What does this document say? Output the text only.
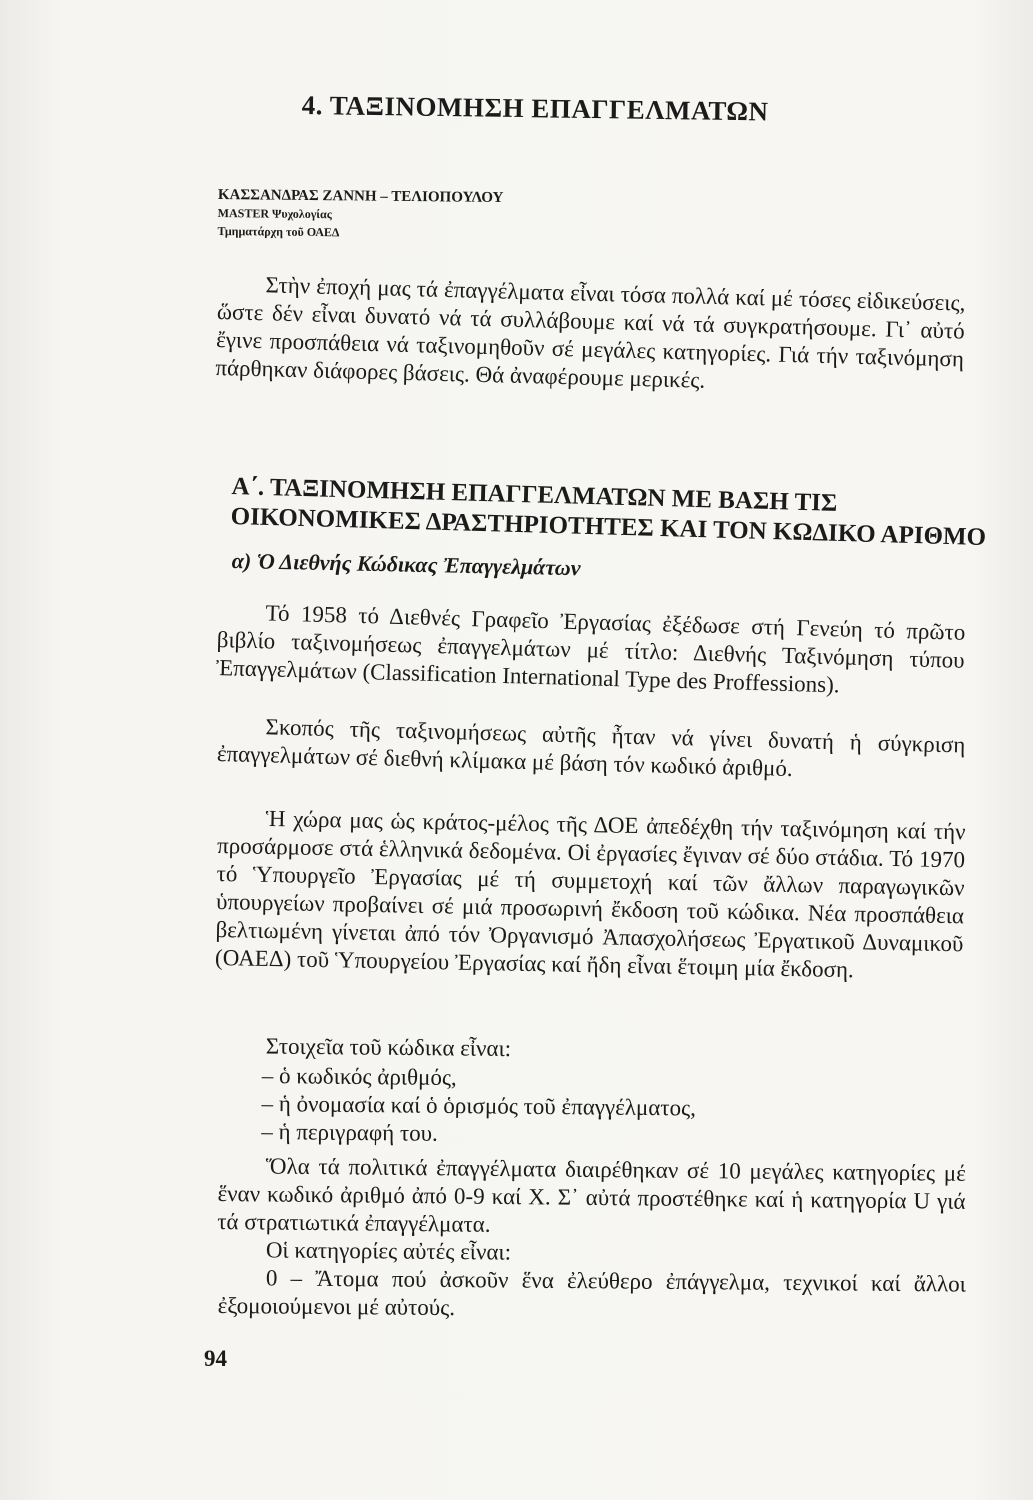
4. ΤΑΞΙΝΟΜΗΣΗ ΕΠΑΓΓΕΛΜΑΤΩΝ
ΚΑΣΣΑΝΔΡΑΣ ΖΑΝΝΗ – ΤΕΛΙΟΠΟΥΛΟΥ
MASTER Ψυχολογίας
Τμηματάρχη τοῦ ΟΑΕΔ

Στὴν ἐποχή μας τά ἐπαγγέλματα εἶναι τόσα πολλά καί μέ τόσες εἰδικεύσεις, ὥστε δέν εἶναι δυνατό νά τά συλλάβουμε καί νά τά συγκρατήσουμε. Γι᾽ αὐτό ἔγινε προσπάθεια νά ταξινομηθοῦν σέ μεγάλες κατηγορίες. Γιά τήν ταξινόμηση πάρθηκαν διάφορες βάσεις. Θά ἀναφέρουμε μερικές.

Α΄. ΤΑΞΙΝΟΜΗΣΗ ΕΠΑΓΓΕΛΜΑΤΩΝ ΜΕ ΒΑΣΗ ΤΙΣ ΟΙΚΟΝΟΜΙΚΕΣ ΔΡΑΣΤΗΡΙΟΤΗΤΕΣ ΚΑΙ ΤΟΝ ΚΩΔΙΚΟ ΑΡΙΘΜΟ
α) Ὁ Διεθνής Κώδικας Ἐπαγγελμάτων

Τό 1958 τό Διεθνές Γραφεῖο Ἐργασίας ἐξέδωσε στή Γενεύη τό πρῶτο βιβλίο ταξινομήσεως ἐπαγγελμάτων μέ τίτλο: Διεθνής Ταξινόμηση τύπου Ἐπαγγελμάτων (Classification International Type des Proffessions).

Σκοπός τῆς ταξινομήσεως αὐτῆς ἦταν νά γίνει δυνατή ἡ σύγκριση ἐπαγγελμάτων σέ διεθνή κλίμακα μέ βάση τόν κωδικό ἀριθμό.

Ἡ χώρα μας ὡς κράτος-μέλος τῆς ΔΟΕ ἀπεδέχθη τήν ταξινόμηση καί τήν προσάρμοσε στά ἑλληνικά δεδομένα. Οἱ ἐργασίες ἔγιναν σέ δύο στάδια. Τό 1970 τό Ὑπουργεῖο Ἐργασίας μέ τή συμμετοχή καί τῶν ἄλλων παραγωγικῶν ὑπουργείων προβαίνει σέ μιά προσωρινή ἔκδοση τοῦ κώδικα. Νέα προσπάθεια βελτιωμένη γίνεται ἀπό τόν Ὀργανισμό Ἀπασχολήσεως Ἐργατικοῦ Δυναμικοῦ (ΟΑΕΔ) τοῦ Ὑπουργείου Ἐργασίας καί ἤδη εἶναι ἕτοιμη μία ἔκδοση.

Στοιχεῖα τοῦ κώδικα εἶναι:

– ὁ κωδικός ἀριθμός,
– ἡ ὀνομασία καί ὁ ὁρισμός τοῦ ἐπαγγέλματος,
– ἡ περιγραφή του.

Ὅλα τά πολιτικά ἐπαγγέλματα διαιρέθηκαν σέ 10 μεγάλες κατηγορίες μέ ἕναν κωδικό ἀριθμό ἀπό 0-9 καί Χ. Σ᾽ αὐτά προστέθηκε καί ἡ κατηγορία U γιά τά στρατιωτικά ἐπαγγέλματα.

Οἱ κατηγορίες αὐτές εἶναι:

0 – Ἄτομα πού ἀσκοῦν ἕνα ἐλεύθερο ἐπάγγελμα, τεχνικοί καί ἄλλοι ἐξομοιούμενοι μέ αὐτούς.

94
